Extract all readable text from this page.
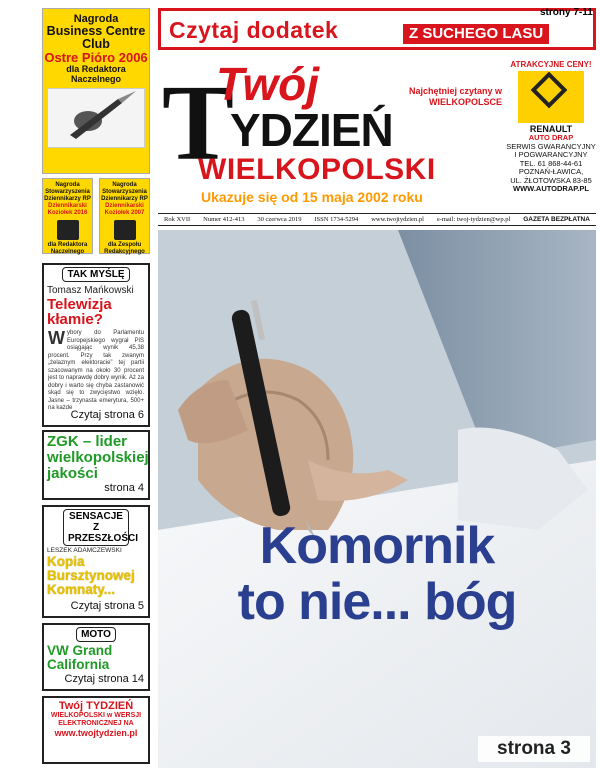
Nagroda
Business Centre Club
Ostre Pióro 2006
dla Redaktora Naczelnego
Nagroda
Stowarzyszenia Dziennikarzy RP
Dziennikarski Koziołek 2016
dla Redaktora Naczelnego
Nagroda
Stowarzyszenia Dziennikarzy RP
Dziennikarski Koziołek 2007
dla Zespołu Redakcyjnego
TAK MYŚLĘ
Tomasz Mańkowski
Telewizja kłamie?
Wybory do Parlamentu Europejskiego wygrał PiS osiągając wynik 45,38 procent. Przy tak zwanym „żelaznym elektoracie” tej partii szacowanym na około 30 procent jest to naprawdę dobry wynik. Aż za dobry i warto się chyba zastanowić skąd się to zwycięstwo wzięło. Jasne – trzynasta emerytura, 500+ na każde
Czytaj strona 6
ZGK – lider wielkopolskiej jakości
strona 4
SENSACJE Z PRZESZŁOŚCI
LESZEK ADAMCZEWSKI
Kopia Bursztynowej Komnaty...
Czytaj strona 5
MOTO
VW Grand California
Czytaj strona 14
Twój TYDZIEŃ
WIELKOPOLSKI w WERSJI ELEKTRONICZNEJ NA
www.twojtydzien.pl
Czytaj dodatek	Z SUCHEGO LASU
strony 7-11
T
Twój
YDZIEŃ
WIELKOPOLSKI
Najchętniej czytany w WIELKOPOLSCE
Ukazuje się od 15 maja 2002 roku
ATRAKCYJNE CENY!
RENAULT
AUTO DRAP
SERWIS GWARANCYJNY I POGWARANCYJNY
TEL. 61 868-44-61
POZNAŃ-ŁAWICA,
UL. ŻŁOTOWSKA 83-85
WWW.AUTODRAP.PL
Rok XVII Numer 412-413 30 czerwca 2019 ISSN 1734-5294 www.twojtydzien.pl e-mail: twoj-tydzien@wp.pl GAZETA BEZPŁATNA
Komornik
to nie... bóg
strona 3
